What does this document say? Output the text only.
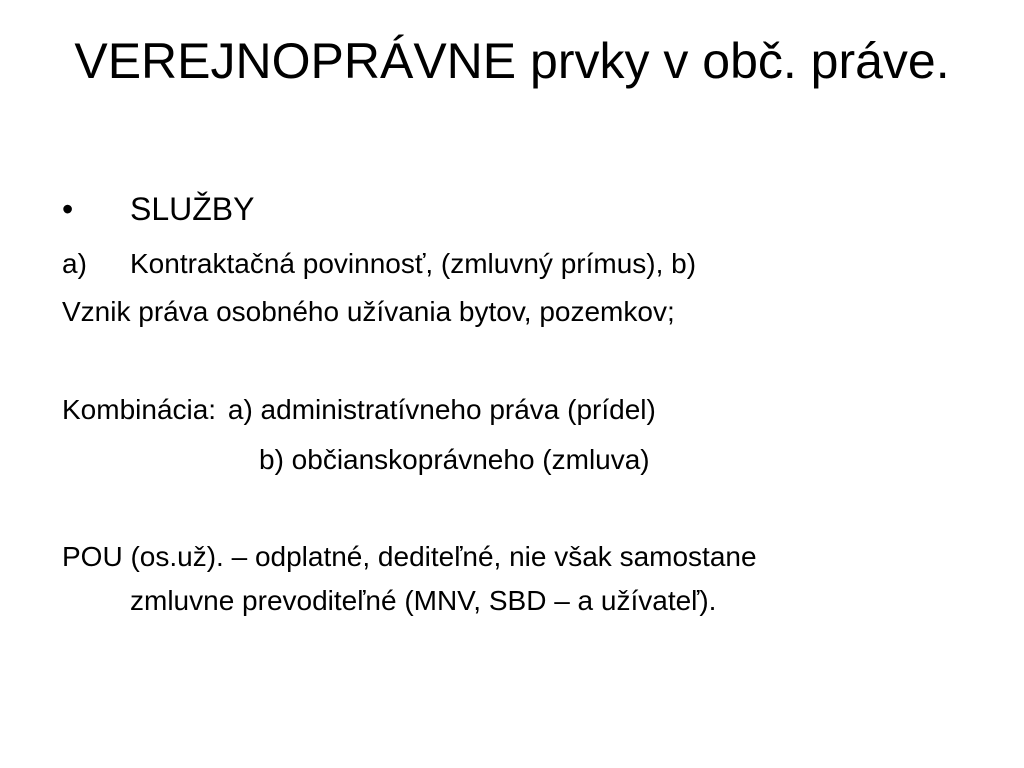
VEREJNOPRÁVNE prvky v obč. práve.
• SLUŽBY
a) Kontraktačná povinnosť, (zmluvný prímus), b)
Vznik práva osobného užívania bytov, pozemkov;
Kombinácia: a) administratívneho práva (prídel)
b) občianskoprávneho (zmluva)
POU (os.už). – odplatné, dediteľné, nie však samostane
zmluvne prevoditeľné (MNV, SBD – a užívateľ).
